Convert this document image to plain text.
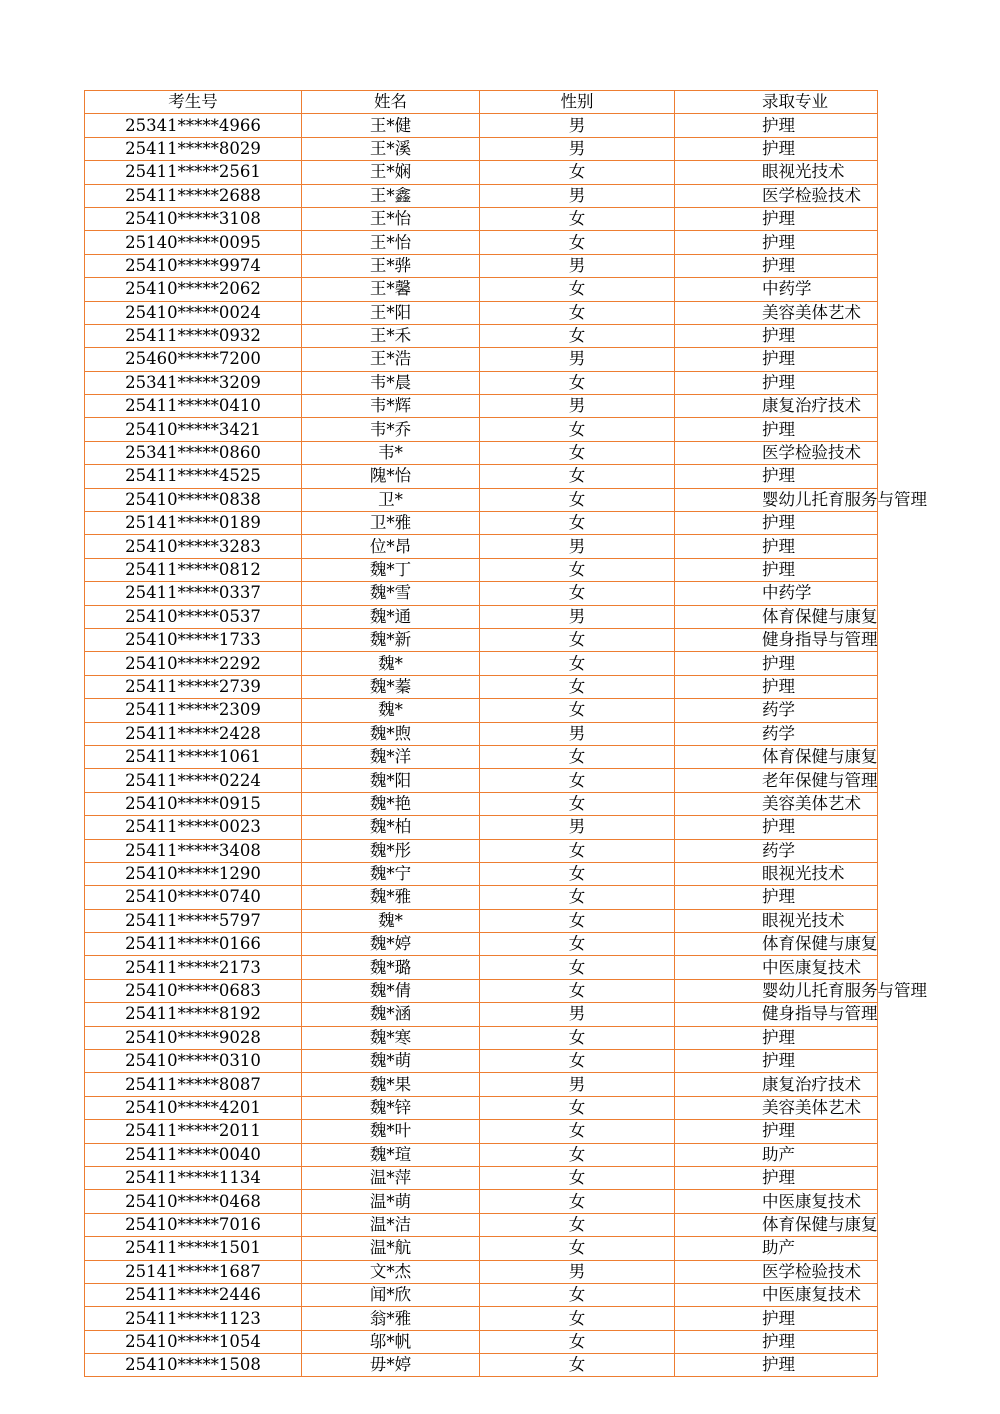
考生号	姓名	性别	录取专业
25341*****4966	王*健	男	护理
25411*****8029	王*溪	男	护理
25411*****2561	王*娴	女	眼视光技术
25411*****2688	王*鑫	男	医学检验技术
25410*****3108	王*怡	女	护理
25140*****0095	王*怡	女	护理
25410*****9974	王*骅	男	护理
25410*****2062	王*馨	女	中药学
25410*****0024	王*阳	女	美容美体艺术
25411*****0932	王*禾	女	护理
25460*****7200	王*浩	男	护理
25341*****3209	韦*晨	女	护理
25411*****0410	韦*辉	男	康复治疗技术
25410*****3421	韦*乔	女	护理
25341*****0860	韦*	女	医学检验技术
25411*****4525	隗*怡	女	护理
25410*****0838	卫*	女	婴幼儿托育服务与管理
25141*****0189	卫*雅	女	护理
25410*****3283	位*昂	男	护理
25411*****0812	魏*丁	女	护理
25411*****0337	魏*雪	女	中药学
25410*****0537	魏*通	男	体育保健与康复
25410*****1733	魏*新	女	健身指导与管理
25410*****2292	魏*	女	护理
25411*****2739	魏*蓁	女	护理
25411*****2309	魏*	女	药学
25411*****2428	魏*煦	男	药学
25411*****1061	魏*洋	女	体育保健与康复
25411*****0224	魏*阳	女	老年保健与管理
25410*****0915	魏*艳	女	美容美体艺术
25411*****0023	魏*柏	男	护理
25411*****3408	魏*彤	女	药学
25410*****1290	魏*宁	女	眼视光技术
25410*****0740	魏*雅	女	护理
25411*****5797	魏*	女	眼视光技术
25411*****0166	魏*婷	女	体育保健与康复
25411*****2173	魏*璐	女	中医康复技术
25410*****0683	魏*倩	女	婴幼儿托育服务与管理
25411*****8192	魏*涵	男	健身指导与管理
25410*****9028	魏*寒	女	护理
25410*****0310	魏*萌	女	护理
25411*****8087	魏*果	男	康复治疗技术
25410*****4201	魏*锌	女	美容美体艺术
25411*****2011	魏*叶	女	护理
25411*****0040	魏*瑄	女	助产
25411*****1134	温*萍	女	护理
25410*****0468	温*萌	女	中医康复技术
25410*****7016	温*洁	女	体育保健与康复
25411*****1501	温*航	女	助产
25141*****1687	文*杰	男	医学检验技术
25411*****2446	闻*欣	女	中医康复技术
25411*****1123	翁*雅	女	护理
25410*****1054	邬*帆	女	护理
25410*****1508	毋*婷	女	护理
